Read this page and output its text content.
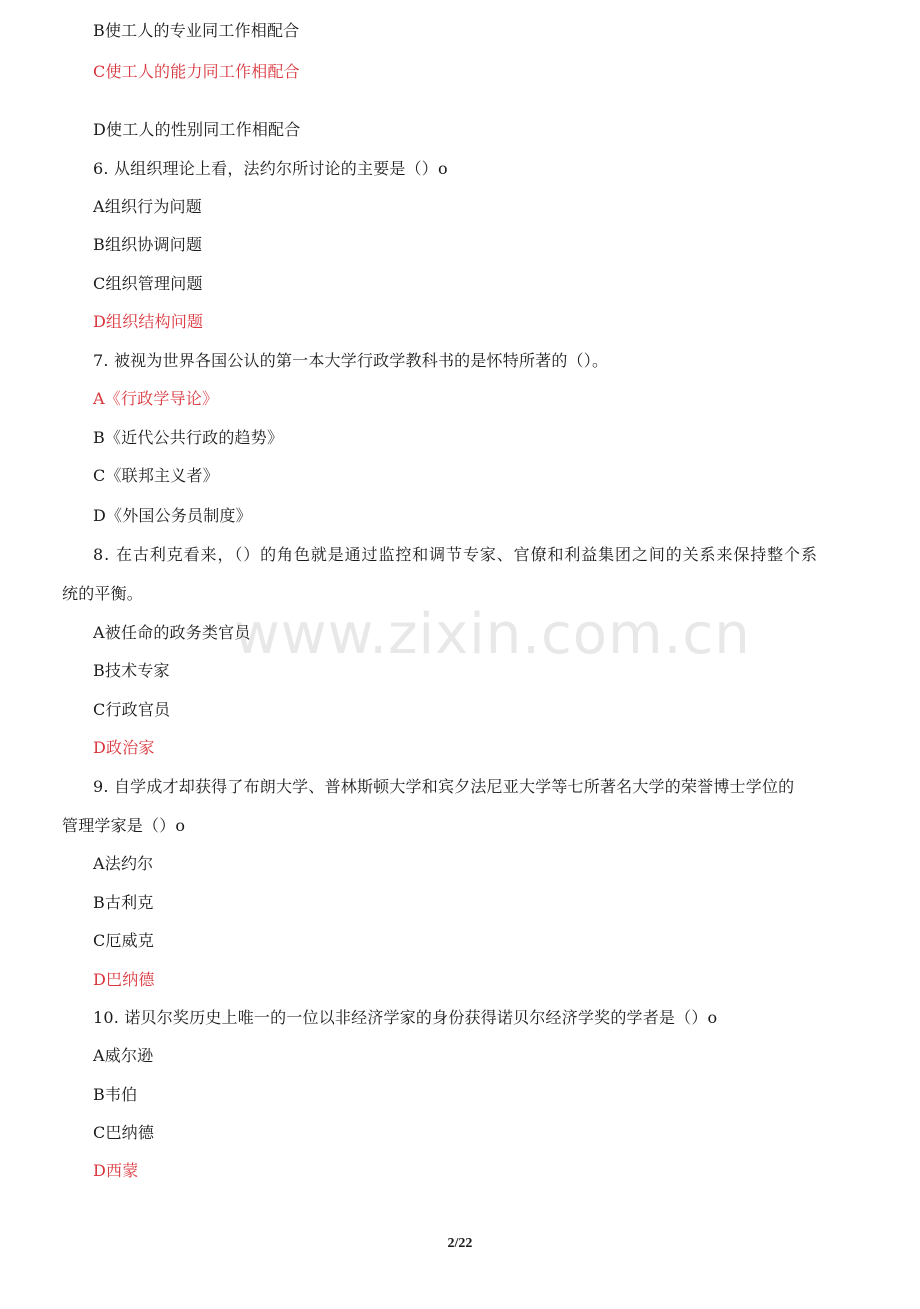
B使工人的专业同工作相配合
C使工人的能力同工作相配合
D使工人的性别同工作相配合
6. 从组织理论上看，法约尔所讨论的主要是（）o
A组织行为问题
B组织协调问题
C组织管理问题
D组织结构问题
7. 被视为世界各国公认的第一本大学行政学教科书的是怀特所著的（）。
A《行政学导论》
B《近代公共行政的趋势》
C《联邦主义者》
D《外国公务员制度》
8. 在古利克看来，（）的角色就是通过监控和调节专家、官僚和利益集团之间的关系来保持整个系
统的平衡。
A被任命的政务类官员
B技术专家
C行政官员
D政治家
9. 自学成才却获得了布朗大学、普林斯顿大学和宾夕法尼亚大学等七所著名大学的荣誉博士学位的
管理学家是（）o
A法约尔
B古利克
C厄威克
D巴纳德
10. 诺贝尔奖历史上唯一的一位以非经济学家的身份获得诺贝尔经济学奖的学者是（）o
A威尔逊
B韦伯
C巴纳德
D西蒙
www.zixin.com.cn
2/22
